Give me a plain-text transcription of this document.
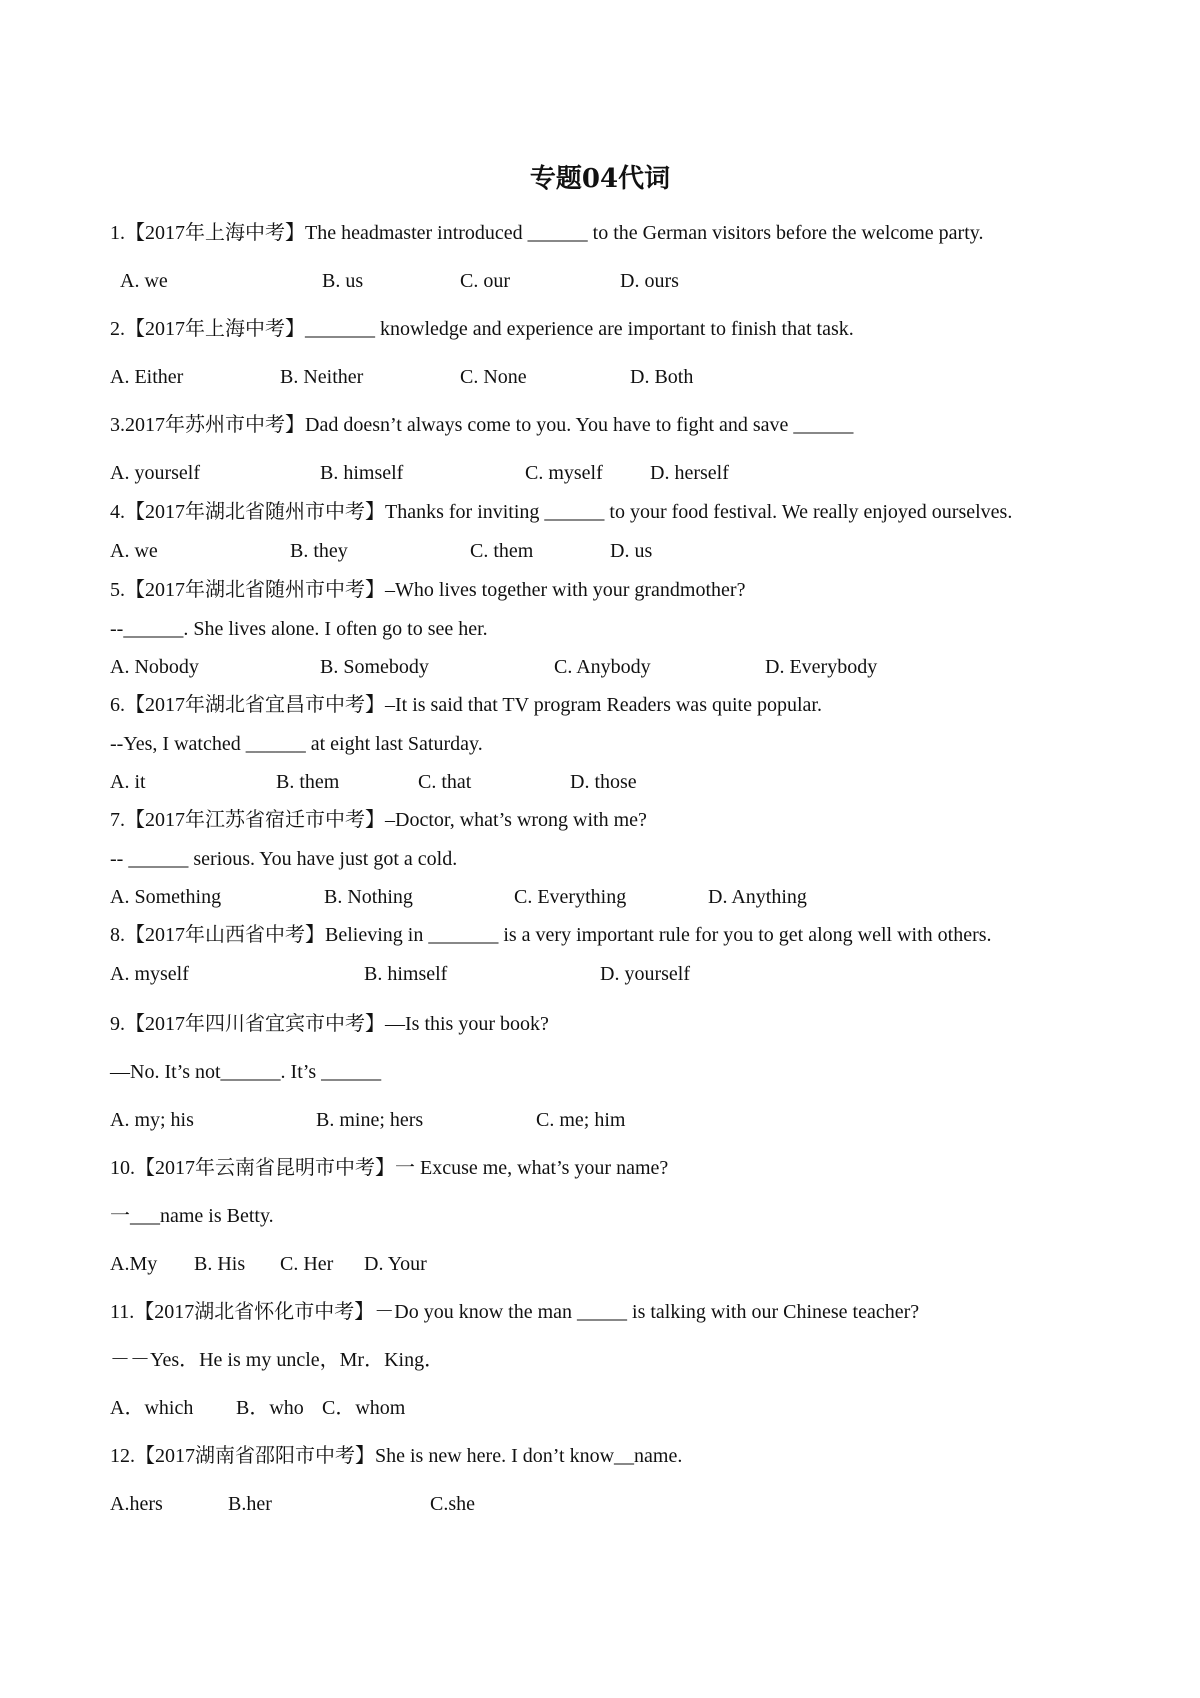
专题04代词
1.【2017年上海中考】The headmaster introduced ______ to the German visitors before the welcome party.
A. we	B. us	C. our	D. ours
2.【2017年上海中考】_______ knowledge and experience are important to finish that task.
A. Either	B. Neither	C. None	D. Both
3.2017年苏州市中考】Dad doesn’t always come to you. You have to fight and save ______
A. yourself	B. himself	C. myself D. herself
4.【2017年湖北省随州市中考】Thanks for inviting ______ to your food festival. We really enjoyed ourselves.
A. we	B. they	C. them	D. us
5.【2017年湖北省随州市中考】–Who lives together with your grandmother?
--______. She lives alone. I often go to see her.
A. Nobody	B. Somebody	C. Anybody	D. Everybody
6.【2017年湖北省宜昌市中考】–It is said that TV program Readers was quite popular.
--Yes, I watched ______ at eight last Saturday.
A. it	B. them	C. that	D. those
7.【2017年江苏省宿迁市中考】–Doctor, what’s wrong with me?
-- ______ serious. You have just got a cold.
A. Something	B. Nothing	C. Everything	D. Anything
8.【2017年山西省中考】Believing in _______ is a very important rule for you to get along well with others.
A. myself	B. himself	D. yourself
9.【2017年四川省宜宾市中考】—Is this your book?
—No. It’s not______. It’s ______
A. my; his	B. mine; hers	C. me; him
10.【2017年云南省昆明市中考】一 Excuse me, what’s your name?
一___name is Betty.
A.My B. His C. Her D. Your
11.【2017湖北省怀化市中考】－Do you know the man _____ is talking with our Chinese teacher?
－－Yes．He is my uncle，Mr．King．
A．which B．who C．whom
12.【2017湖南省邵阳市中考】She is new here. I don’t know__name.
A.hers	B.her	C.she
